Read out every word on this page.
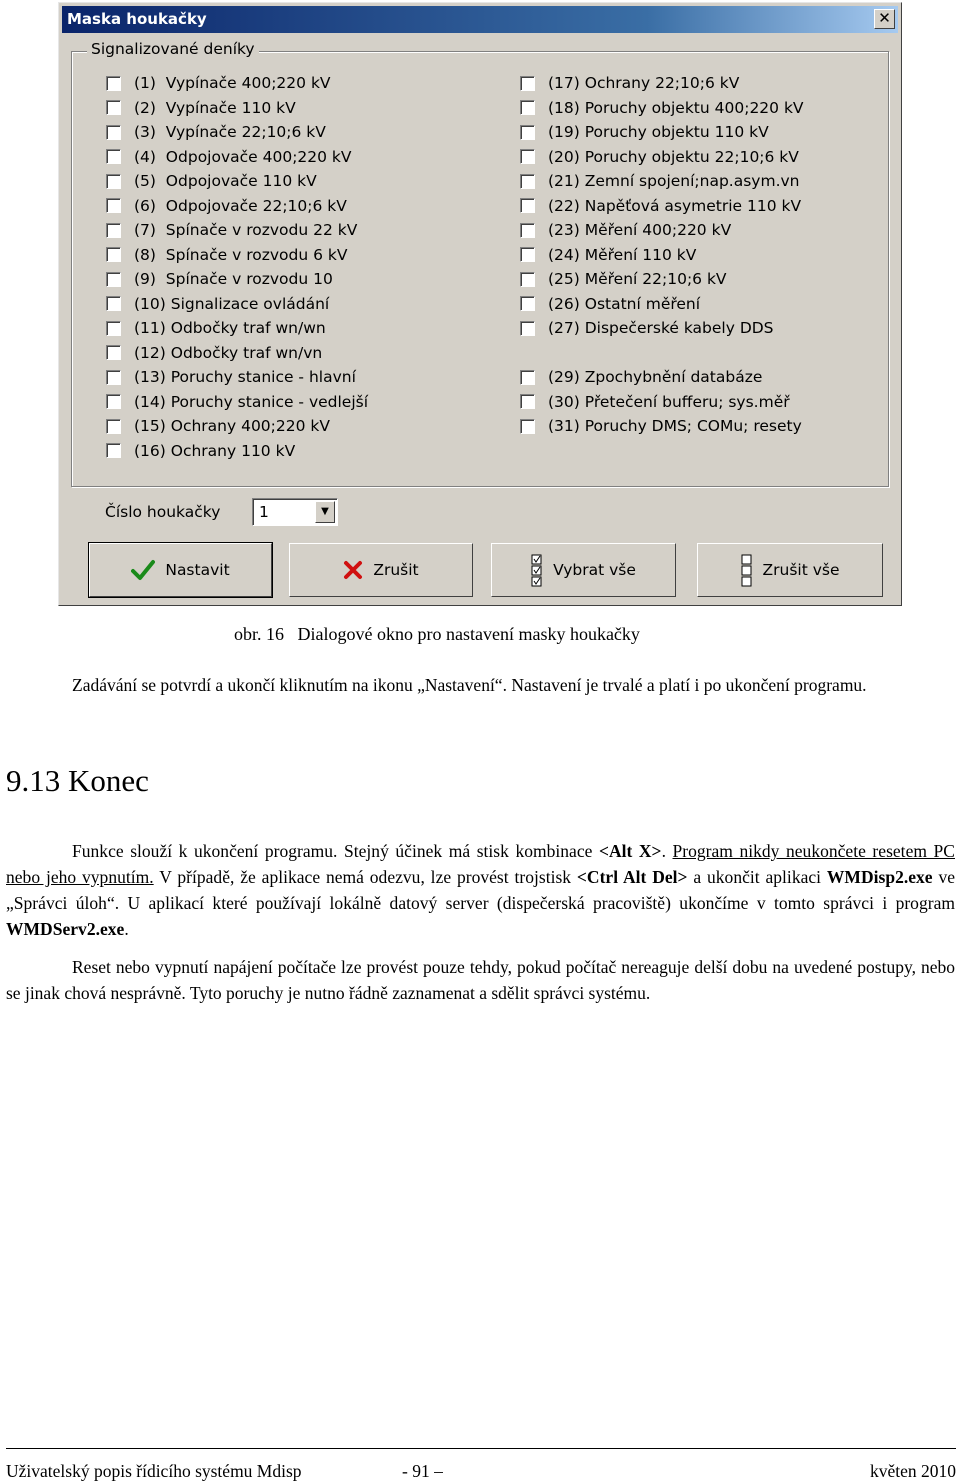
Maska houkačky	✕
Signalizované deníky
(1)  Vypínače 400;220 kV
(2)  Vypínače 110 kV
(3)  Vypínače 22;10;6 kV
(4)  Odpojovače 400;220 kV
(5)  Odpojovače 110 kV
(6)  Odpojovače 22;10;6 kV
(7)  Spínače v rozvodu 22 kV
(8)  Spínače v rozvodu 6 kV
(9)  Spínače v rozvodu 10
(10) Signalizace ovládání
(11) Odbočky traf wn/wn
(12) Odbočky traf wn/vn
(13) Poruchy stanice - hlavní
(14) Poruchy stanice - vedlejší
(15) Ochrany 400;220 kV
(16) Ochrany 110 kV
(17) Ochrany 22;10;6 kV
(18) Poruchy objektu 400;220 kV
(19) Poruchy objektu 110 kV
(20) Poruchy objektu 22;10;6 kV
(21) Zemní spojení;nap.asym.vn
(22) Napěťová asymetrie 110 kV
(23) Měření 400;220 kV
(24) Měření 110 kV
(25) Měření 22;10;6 kV
(26) Ostatní měření
(27) Dispečerské kabely DDS
(29) Zpochybnění databáze
(30) Přetečení bufferu; sys.měř
(31) Poruchy DMS; COMu; resety
Číslo houkačky 1	▼
Nastavit	Zrušit	Vybrat vše	Zrušit vše
obr. 16   Dialogové okno pro nastavení masky houkačky
Zadávání se potvrdí a ukončí kliknutím na ikonu „Nastavení“. Nastavení je trvalé a platí i po ukončení programu.
9.13 Konec
Funkce slouží k ukončení programu. Stejný účinek má stisk kombinace <Alt X>. Program nikdy neukončete resetem PC nebo jeho vypnutím. V případě, že aplikace nemá odezvu, lze provést trojstisk <Ctrl Alt Del> a ukončit aplikaci WMDisp2.exe ve „Správci úloh“. U aplikací které používají lokálně datový server (dispečerská pracoviště) ukončíme v tomto správci i program WMDServ2.exe.
Reset nebo vypnutí napájení počítače lze provést pouze tehdy, pokud počítač nereaguje delší dobu na uvedené postupy, nebo se jinak chová nesprávně. Tyto poruchy je nutno řádně zaznamenat a sdělit správci systému.
Uživatelský popis řídicího systému Mdisp	- 91 –	květen 2010
